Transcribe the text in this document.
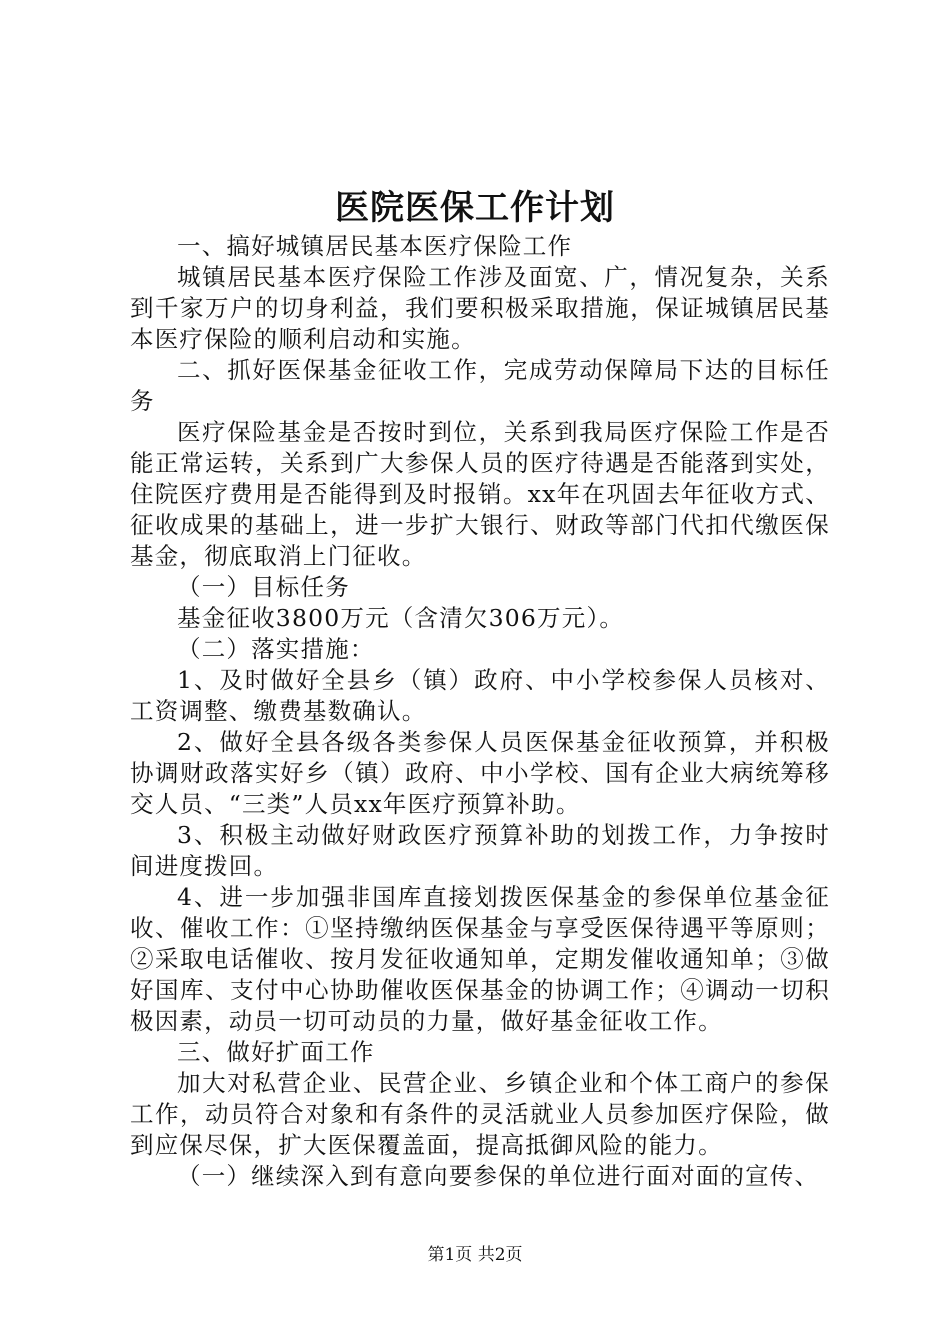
医院医保工作计划

一、搞好城镇居民基本医疗保险工作

城镇居民基本医疗保险工作涉及面宽、广，情况复杂，关系到千家万户的切身利益，我们要积极采取措施，保证城镇居民基本医疗保险的顺利启动和实施。

二、抓好医保基金征收工作，完成劳动保障局下达的目标任务

医疗保险基金是否按时到位，关系到我局医疗保险工作是否能正常运转，关系到广大参保人员的医疗待遇是否能落到实处，住院医疗费用是否能得到及时报销。xx年在巩固去年征收方式、征收成果的基础上，进一步扩大银行、财政等部门代扣代缴医保基金，彻底取消上门征收。

（一）目标任务

基金征收3800万元（含清欠306万元）。

（二）落实措施：

1、及时做好全县乡（镇）政府、中小学校参保人员核对、工资调整、缴费基数确认。

2、做好全县各级各类参保人员医保基金征收预算，并积极协调财政落实好乡（镇）政府、中小学校、国有企业大病统筹移交人员、“三类”人员xx年医疗预算补助。

3、积极主动做好财政医疗预算补助的划拨工作，力争按时间进度拨回。

4、进一步加强非国库直接划拨医保基金的参保单位基金征收、催收工作：①坚持缴纳医保基金与享受医保待遇平等原则；②采取电话催收、按月发征收通知单，定期发催收通知单；③做好国库、支付中心协助催收医保基金的协调工作；④调动一切积极因素，动员一切可动员的力量，做好基金征收工作。

三、做好扩面工作

加大对私营企业、民营企业、乡镇企业和个体工商户的参保工作，动员符合对象和有条件的灵活就业人员参加医疗保险，做到应保尽保，扩大医保覆盖面，提高抵御风险的能力。

（一）继续深入到有意向要参保的单位进行面对面的宣传、

第1页 共2页
